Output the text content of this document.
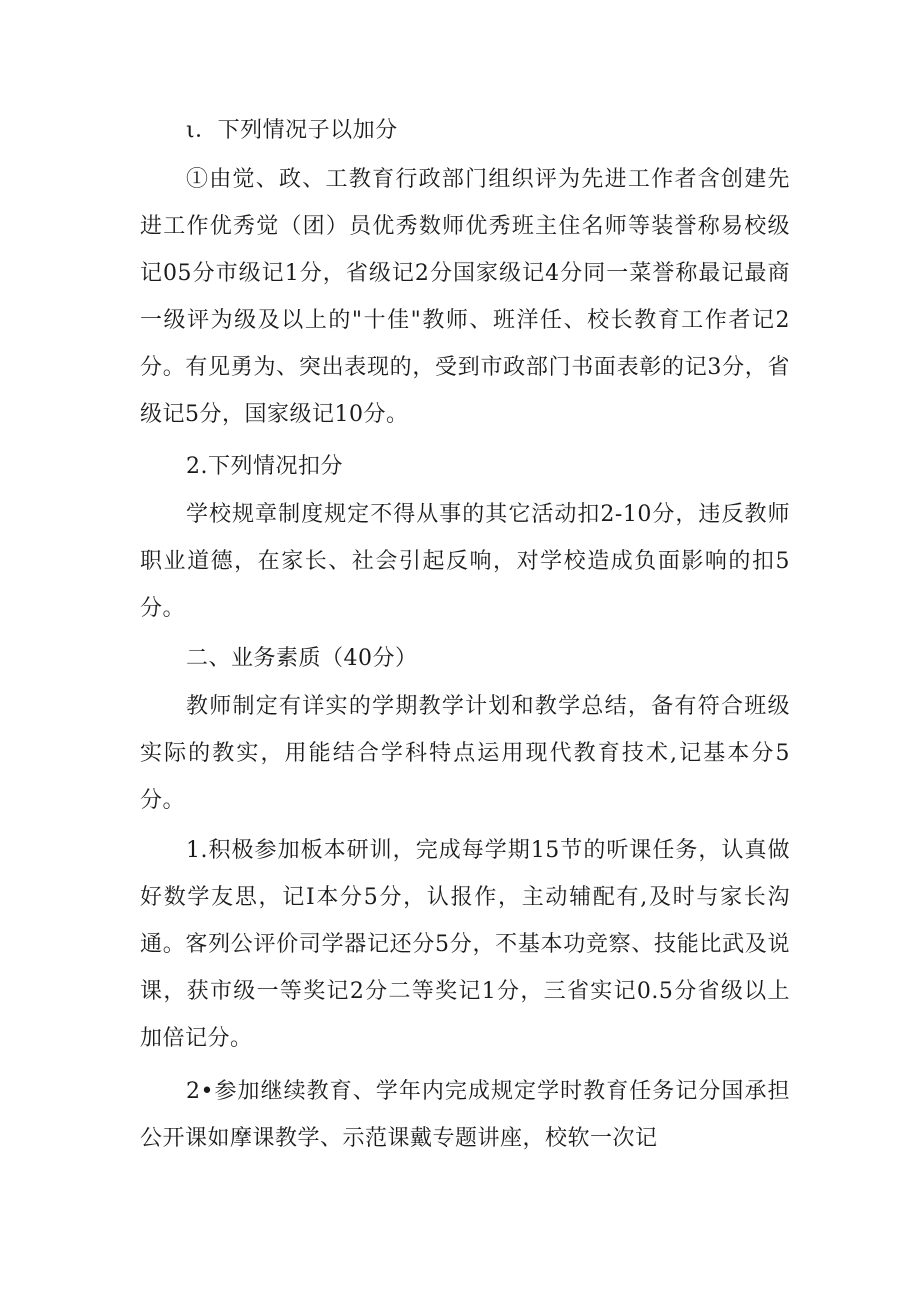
ι．下列情况子以加分

①由觉、政、工教育行政部门组织评为先进工作者含创建先进工作优秀觉（团）员优秀数师优秀班主住名师等装誉称易校级记05分市级记1分，省级记2分国家级记4分同一菜誉称最记最商一级评为级及以上的"十佳"教师、班洋任、校长教育工作者记2分。有见勇为、突出表现的，受到市政部门书面表彰的记3分，省级记5分，国家级记10分。

2.下列情况扣分

学校规章制度规定不得从事的其它活动扣2-10分，违反教师职业道德，在家长、社会引起反响，对学校造成负面影响的扣5分。

二、业务素质（40分）

教师制定有详实的学期教学计划和教学总结，备有符合班级实际的教实，用能结合学科特点运用现代教育技术,记基本分5分。

1.积极参加板本研训，完成每学期15节的听课任务，认真做好数学友思，记I本分5分，认报作，主动辅配有,及时与家长沟通。客列公评价司学器记还分5分，不基本功竞察、技能比武及说课，获市级一等奖记2分二等奖记1分，三省实记0.5分省级以上加倍记分。

2•参加继续教育、学年内完成规定学时教育任务记分国承担公开课如摩课教学、示范课戴专题讲座，校软一次记
